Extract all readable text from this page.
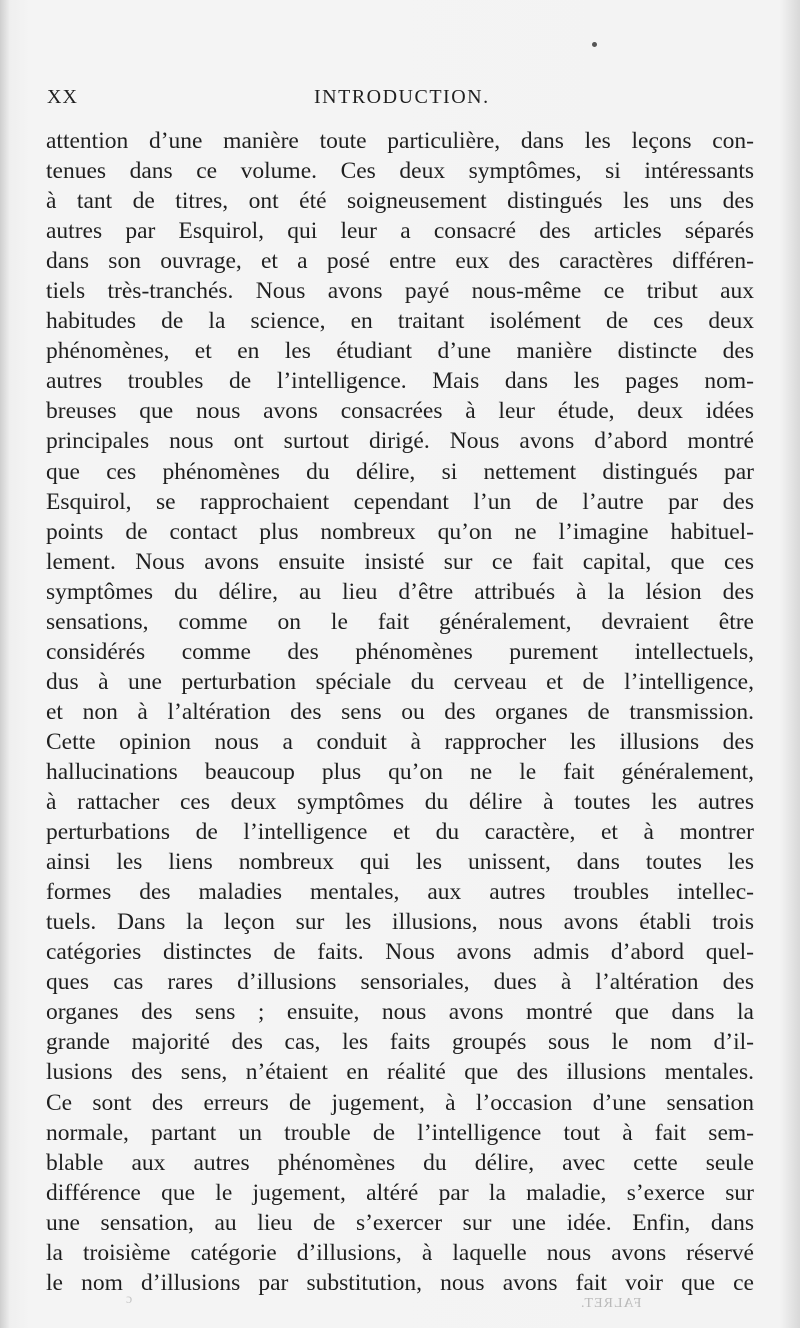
XX	INTRODUCTION.
attention d’une manière toute particulière, dans les leçons con-
tenues dans ce volume. Ces deux symptômes, si intéressants
à tant de titres, ont été soigneusement distingués les uns des
autres par Esquirol, qui leur a consacré des articles séparés
dans son ouvrage, et a posé entre eux des caractères différen-
tiels très-tranchés. Nous avons payé nous-même ce tribut aux
habitudes de la science, en traitant isolément de ces deux
phénomènes, et en les étudiant d’une manière distincte des
autres troubles de l’intelligence. Mais dans les pages nom-
breuses que nous avons consacrées à leur étude, deux idées
principales nous ont surtout dirigé. Nous avons d’abord montré
que ces phénomènes du délire, si nettement distingués par
Esquirol, se rapprochaient cependant l’un de l’autre par des
points de contact plus nombreux qu’on ne l’imagine habituel-
lement. Nous avons ensuite insisté sur ce fait capital, que ces
symptômes du délire, au lieu d’être attribués à la lésion des
sensations, comme on le fait généralement, devraient être
considérés comme des phénomènes purement intellectuels,
dus à une perturbation spéciale du cerveau et de l’intelligence,
et non à l’altération des sens ou des organes de transmission.
Cette opinion nous a conduit à rapprocher les illusions des
hallucinations beaucoup plus qu’on ne le fait généralement,
à rattacher ces deux symptômes du délire à toutes les autres
perturbations de l’intelligence et du caractère, et à montrer
ainsi les liens nombreux qui les unissent, dans toutes les
formes des maladies mentales, aux autres troubles intellec-
tuels. Dans la leçon sur les illusions, nous avons établi trois
catégories distinctes de faits. Nous avons admis d’abord quel-
ques cas rares d’illusions sensoriales, dues à l’altération des
organes des sens ; ensuite, nous avons montré que dans la
grande majorité des cas, les faits groupés sous le nom d’il-
lusions des sens, n’étaient en réalité que des illusions mentales.
Ce sont des erreurs de jugement, à l’occasion d’une sensation
normale, partant un trouble de l’intelligence tout à fait sem-
blable aux autres phénomènes du délire, avec cette seule
différence que le jugement, altéré par la maladie, s’exerce sur
une sensation, au lieu de s’exercer sur une idée. Enfin, dans
la troisième catégorie d’illusions, à laquelle nous avons réservé
le nom d’illusions par substitution, nous avons fait voir que ce
ɔ	FALRET.
